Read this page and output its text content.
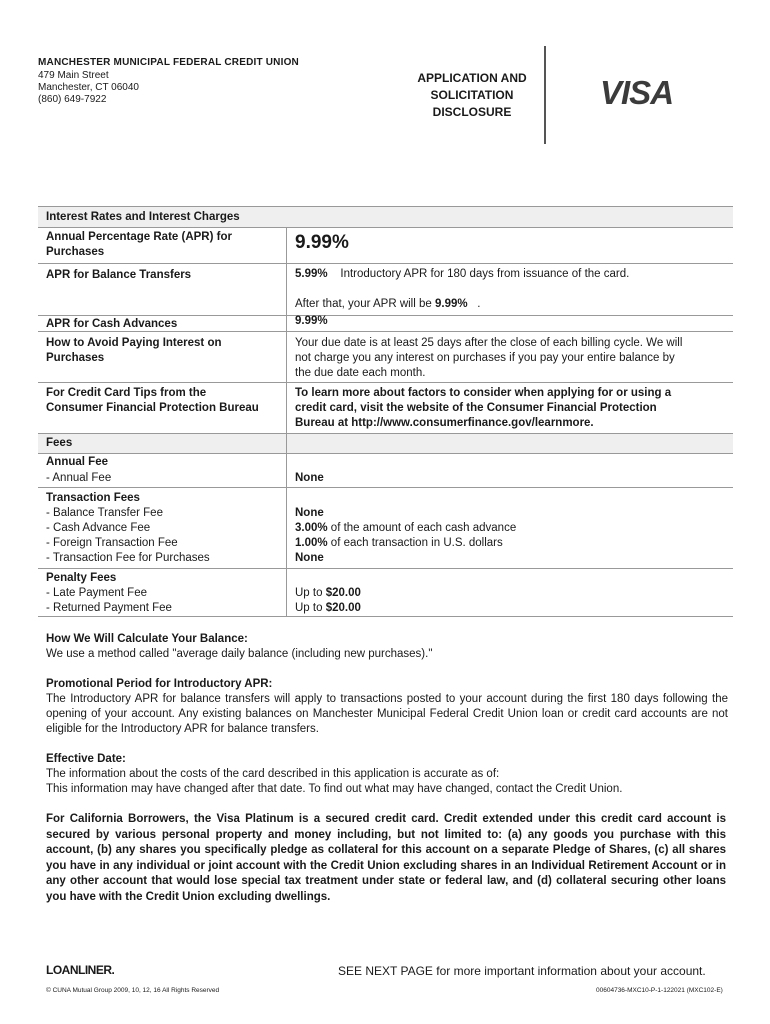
MANCHESTER MUNICIPAL FEDERAL CREDIT UNION
479 Main Street
Manchester, CT 06040
(860) 649-7922
APPLICATION AND
SOLICITATION
DISCLOSURE
VISA
Interest Rates and Interest Charges
Annual Percentage Rate (APR) for
Purchases	9.99%
APR for Balance Transfers	5.99% Introductory APR for 180 days from issuance of the card.
After that, your APR will be 9.99% .
APR for Cash Advances	9.99%
How to Avoid Paying Interest on
Purchases
Your due date is at least 25 days after the close of each billing cycle. We will
not charge you any interest on purchases if you pay your entire balance by
the due date each month.
For Credit Card Tips from the
Consumer Financial Protection Bureau
To learn more about factors to consider when applying for or using a
credit card, visit the website of the Consumer Financial Protection
Bureau at http://www.consumerfinance.gov/learnmore.
Fees
Annual Fee
- Annual Fee	None
Transaction Fees
- Balance Transfer Fee	None
- Cash Advance Fee	3.00% of the amount of each cash advance
- Foreign Transaction Fee	1.00% of each transaction in U.S. dollars
- Transaction Fee for Purchases	None
Penalty Fees
- Late Payment Fee	Up to $20.00
- Returned Payment Fee	Up to $20.00
How We Will Calculate Your Balance:
We use a method called "average daily balance (including new purchases)."
Promotional Period for Introductory APR:
The Introductory APR for balance transfers will apply to transactions posted to your account during the first 180 days following the opening of your account. Any existing balances on Manchester Municipal Federal Credit Union loan or credit card accounts are not eligible for the Introductory APR for balance transfers.
Effective Date:
The information about the costs of the card described in this application is accurate as of:
This information may have changed after that date. To find out what may have changed, contact the Credit Union.
For California Borrowers, the Visa Platinum is a secured credit card. Credit extended under this credit card account is secured by various personal property and money including, but not limited to: (a) any goods you purchase with this account, (b) any shares you specifically pledge as collateral for this account on a separate Pledge of Shares, (c) all shares you have in any individual or joint account with the Credit Union excluding shares in an Individual Retirement Account or in any other account that would lose special tax treatment under state or federal law, and (d) collateral securing other loans you have with the Credit Union excluding dwellings.
LOANLINER.	SEE NEXT PAGE for more important information about your account.
© CUNA Mutual Group 2009, 10, 12, 16 All Rights Reserved	00604736-MXC10-P-1-122021 (MXC102-E)
